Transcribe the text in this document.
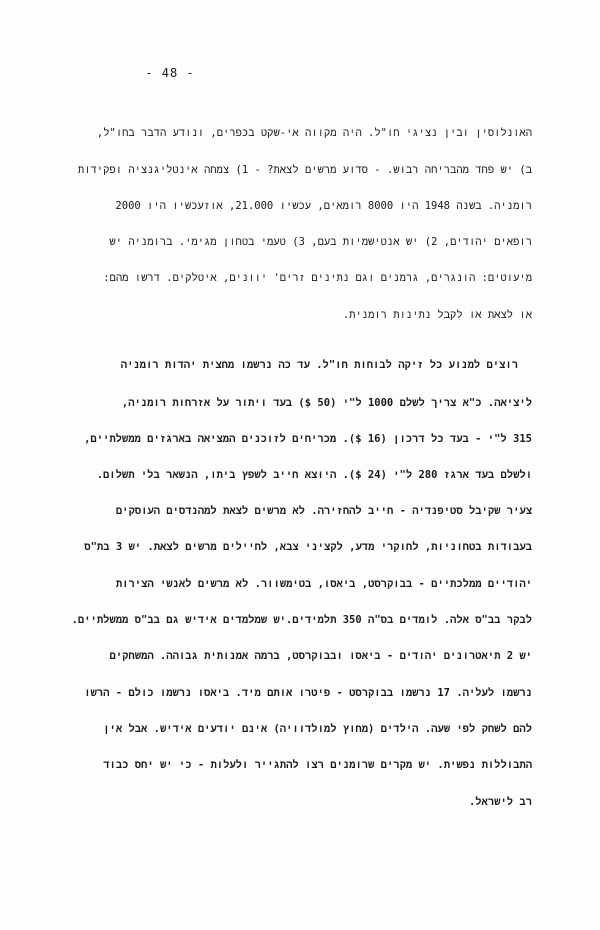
- 48 -
האונלוסין ובין נציגי חו"ל. היה מקווה אי-שקט בכפרים, ונודע הדבר בחו"ל,
ב) יש פחד מהבריחה רבוש. - סדוע מרשים לצאת? - 1) צמחה אינטליגנציה ופקידות
רומניה. בשנה 1948 היו 8000 רומאים, עכשיו 21.000, אוזעכשיו היו 2000
רופאים יהודים, 2) יש אנטישמיות בעם, 3) טעמי בטחון מגימי. ברומניה יש
מיעוטים: הונגרים, גרמנים וגם נתינים זרים' יוונים, איטלקים. דרשו מהם:
או לצאת או לקבל נתינות רומנית.
רוצים למנוע כל זיקה לבוחות חו"ל. עד כה נרשמו מחצית יהדות רומניה
ליציאה. כ"א צריך לשלם 1000 ל"י (50 $) בעד ויתור על אזרחות רומניה,
315 ל"י - בעד כל דרכון (16 $). מכריחים לזוכנים המציאה בארגזים ממשלתיים,
ולשלם בעד ארגז 280 ל"י (24 $). היוצא חייב לשפץ ביתו, הנשאר בלי תשלום.
צעיר שקיבל סטיפנדיה - חייב להחזירה. לא מרשים לצאת למהנדסים העוסקים
בעבודות בטחוניות, לחוקרי מדע, לקציני צבא, לחיילים מרשים לצאת. יש 3 בת"ס
יהודיים ממלכתיים - בבוקרסט, ביאסו, בטימשוור. לא מרשים לאנשי הצירות
לבקר בב"ס אלה. לומדים בס"ה 350 תלמידים.יש שמלמדים אידיש גם בב"ס ממשלתיים.
יש 2 תיאטרונים יהודים - ביאסו ובבוקרסט, ברמה אמנותית גבוהה. המשחקים
נרשמו לעליה. 17 נרשמו בבוקרסט - פיטרו אותם מיד. ביאסו נרשמו כולם - הרשו
להם לשחק לפי שעה. הילדים (מחוץ למולדוויה) אינם יודעים אידיש. אבל אין
התבוללות נפשית. יש מקרים שרומנים רצו להתגייר ולעלות - כי יש יחס כבוד
רב לישראל.
